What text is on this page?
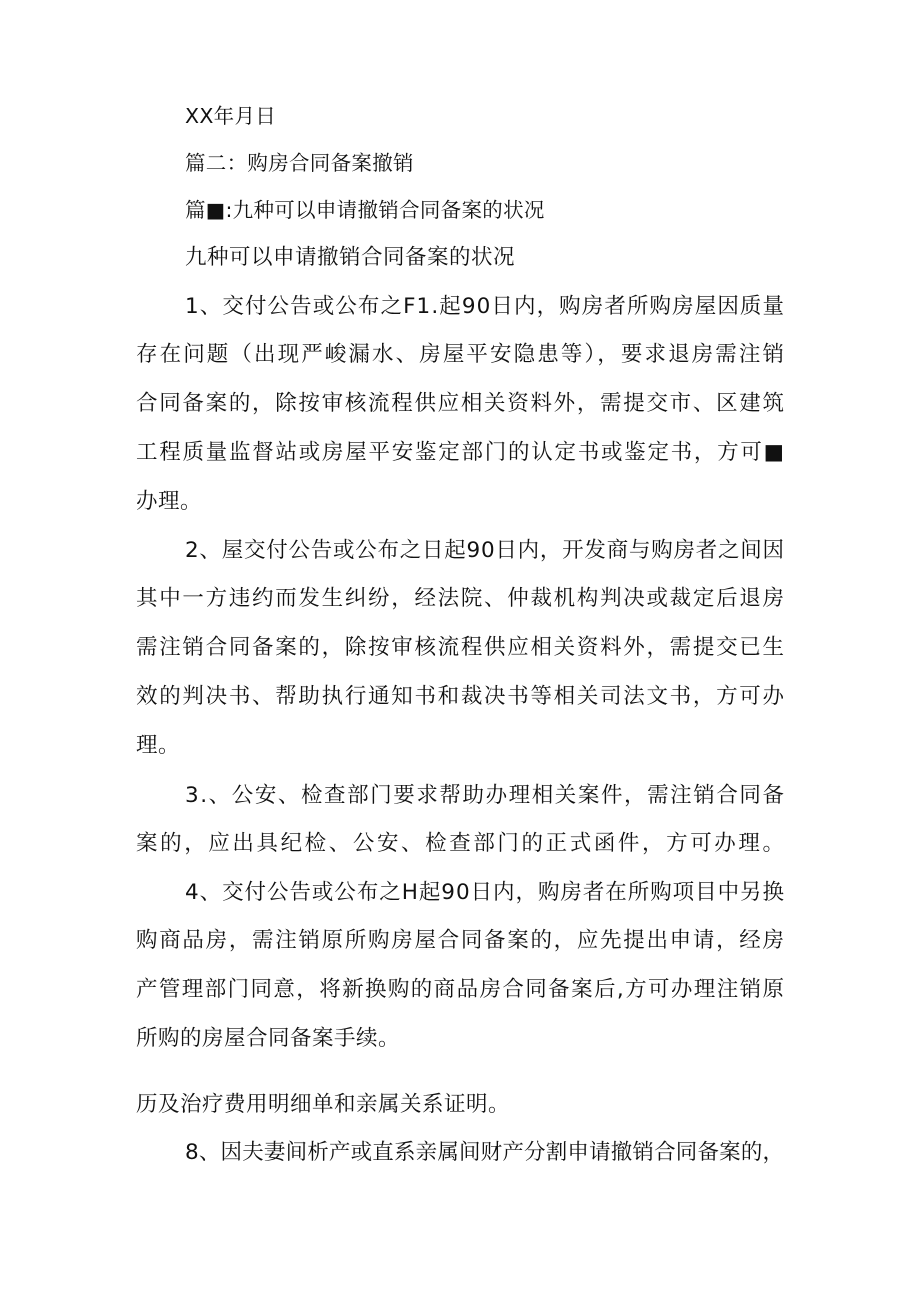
XX年月日

篇二：购房合同备案撤销

篇■:九种可以申请撤销合同备案的状况

九种可以申请撤销合同备案的状况

1、交付公告或公布之F1.起90日内，购房者所购房屋因质量

存在问题（出现严峻漏水、房屋平安隐患等），要求退房需注销

合同备案的，除按审核流程供应相关资料外，需提交市、区建筑

工程质量监督站或房屋平安鉴定部门的认定书或鉴定书，方可■

办理。

2、屋交付公告或公布之日起90日内，开发商与购房者之间因

其中一方违约而发生纠纷，经法院、仲裁机构判决或裁定后退房

需注销合同备案的，除按审核流程供应相关资料外，需提交已生

效的判决书、帮助执行通知书和裁决书等相关司法文书，方可办

理。

3.、公安、检查部门要求帮助办理相关案件，需注销合同备

案的，应出具纪检、公安、检查部门的正式函件，方可办理。

4、交付公告或公布之H起90日内，购房者在所购项目中另换

购商品房，需注销原所购房屋合同备案的，应先提出申请，经房

产管理部门同意，将新换购的商品房合同备案后,方可办理注销原

所购的房屋合同备案手续。

历及治疗费用明细单和亲属关系证明。

8、因夫妻间析产或直系亲属间财产分割申请撤销合同备案的，
